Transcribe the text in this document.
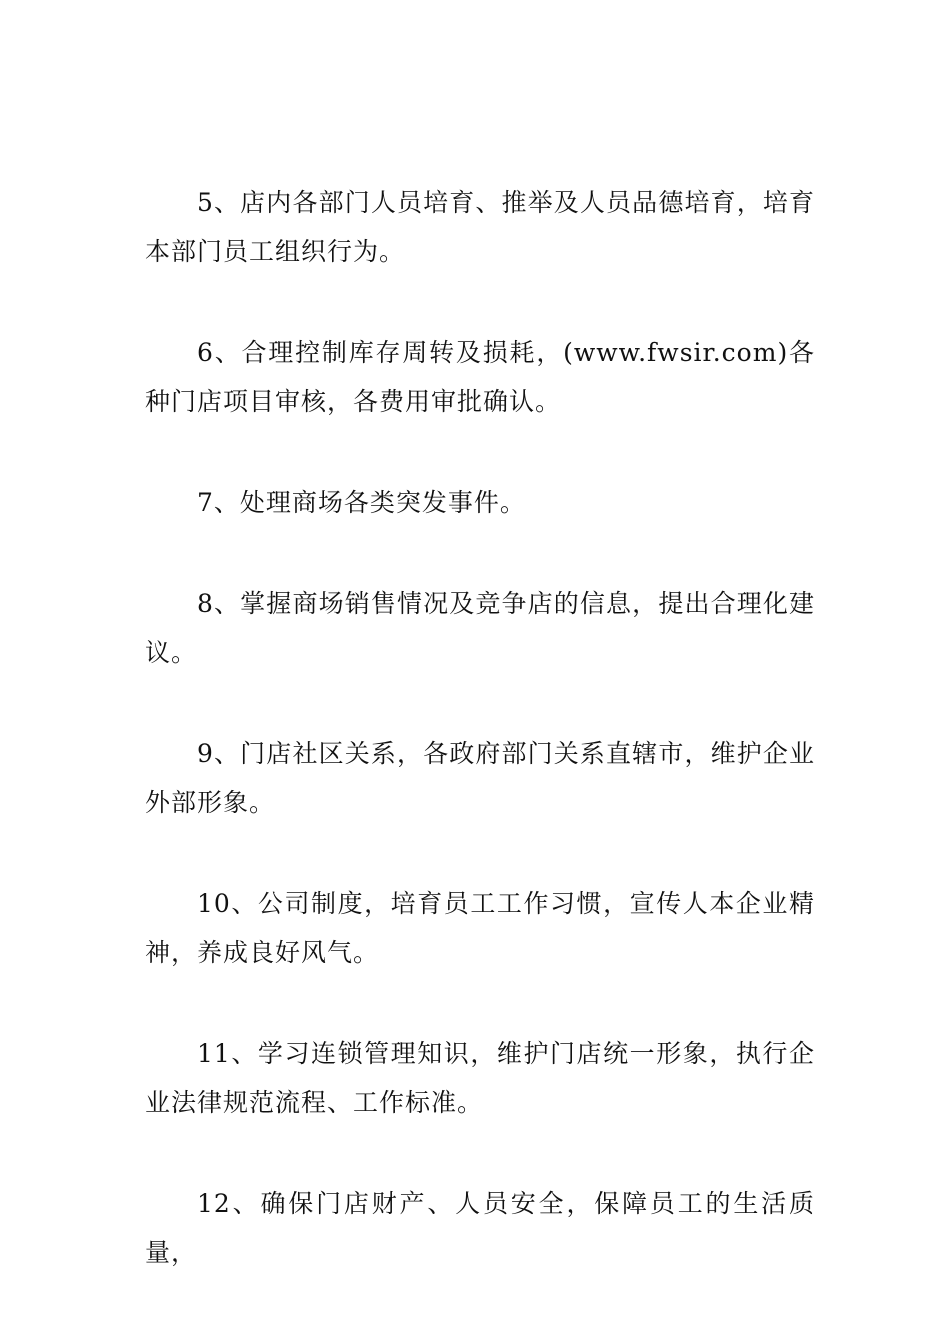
5、店内各部门人员培育、推举及人员品德培育，培育本部门员工组织行为。

6、合理控制库存周转及损耗，(www.fwsir.com)各种门店项目审核，各费用审批确认。

7、处理商场各类突发事件。

8、掌握商场销售情况及竞争店的信息，提出合理化建议。

9、门店社区关系，各政府部门关系直辖市，维护企业外部形象。

10、公司制度，培育员工工作习惯，宣传人本企业精神，养成良好风气。

11、学习连锁管理知识，维护门店统一形象，执行企业法律规范流程、工作标准。

12、确保门店财产、人员安全，保障员工的生活质量，
